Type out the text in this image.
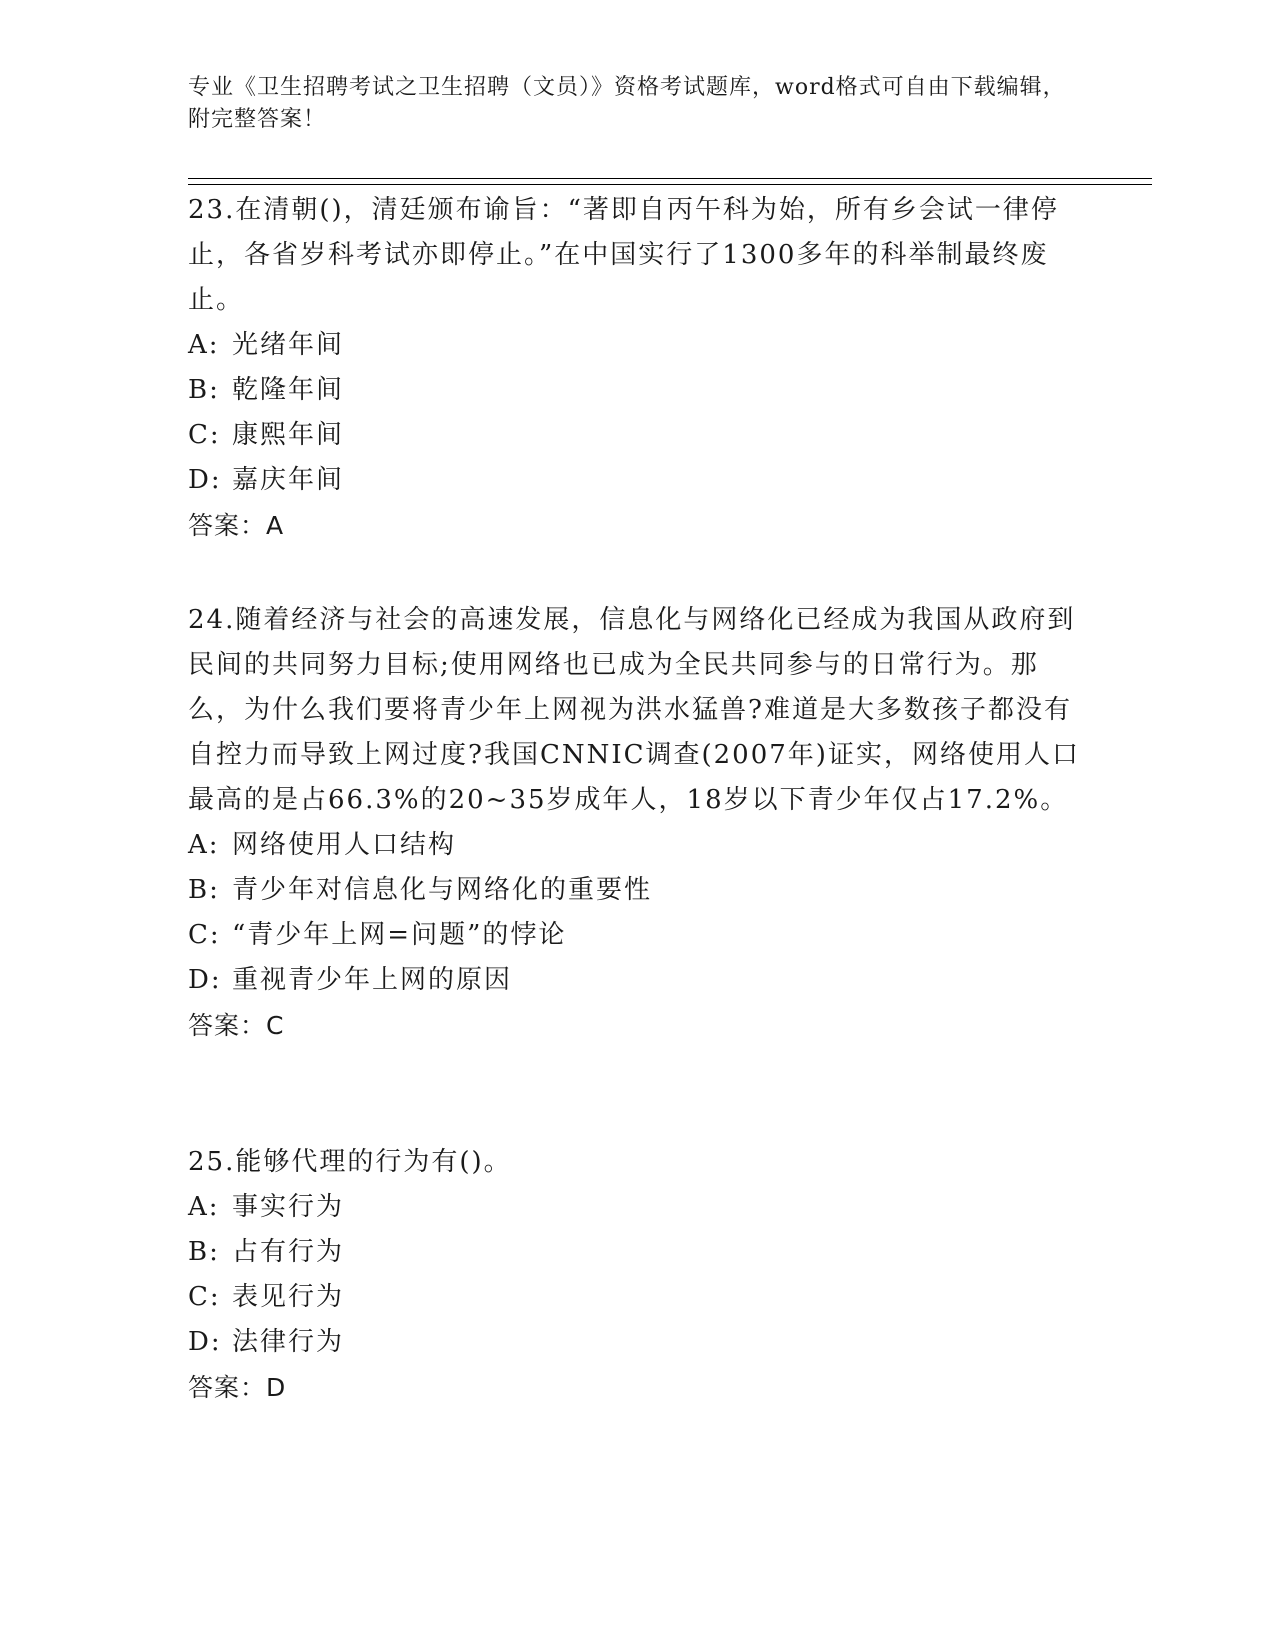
专业《卫生招聘考试之卫生招聘（文员）》资格考试题库，word格式可自由下载编辑，附完整答案！

23.在清朝()，清廷颁布谕旨：“著即自丙午科为始，所有乡会试一律停止，各省岁科考试亦即停止。”在中国实行了1300多年的科举制最终废止。

A: 光绪年间

B: 乾隆年间

C: 康熙年间

D: 嘉庆年间

答案：A

24.随着经济与社会的高速发展，信息化与网络化已经成为我国从政府到民间的共同努力目标;使用网络也已成为全民共同参与的日常行为。那么，为什么我们要将青少年上网视为洪水猛兽?难道是大多数孩子都没有自控力而导致上网过度?我国CNNIC调查(2007年)证实，网络使用人口最高的是占66.3%的20~35岁成年人，18岁以下青少年仅占17.2%。

A: 网络使用人口结构

B: 青少年对信息化与网络化的重要性

C: “青少年上网=问题”的悖论

D: 重视青少年上网的原因

答案：C

25.能够代理的行为有()。

A: 事实行为

B: 占有行为

C: 表见行为

D: 法律行为

答案：D
